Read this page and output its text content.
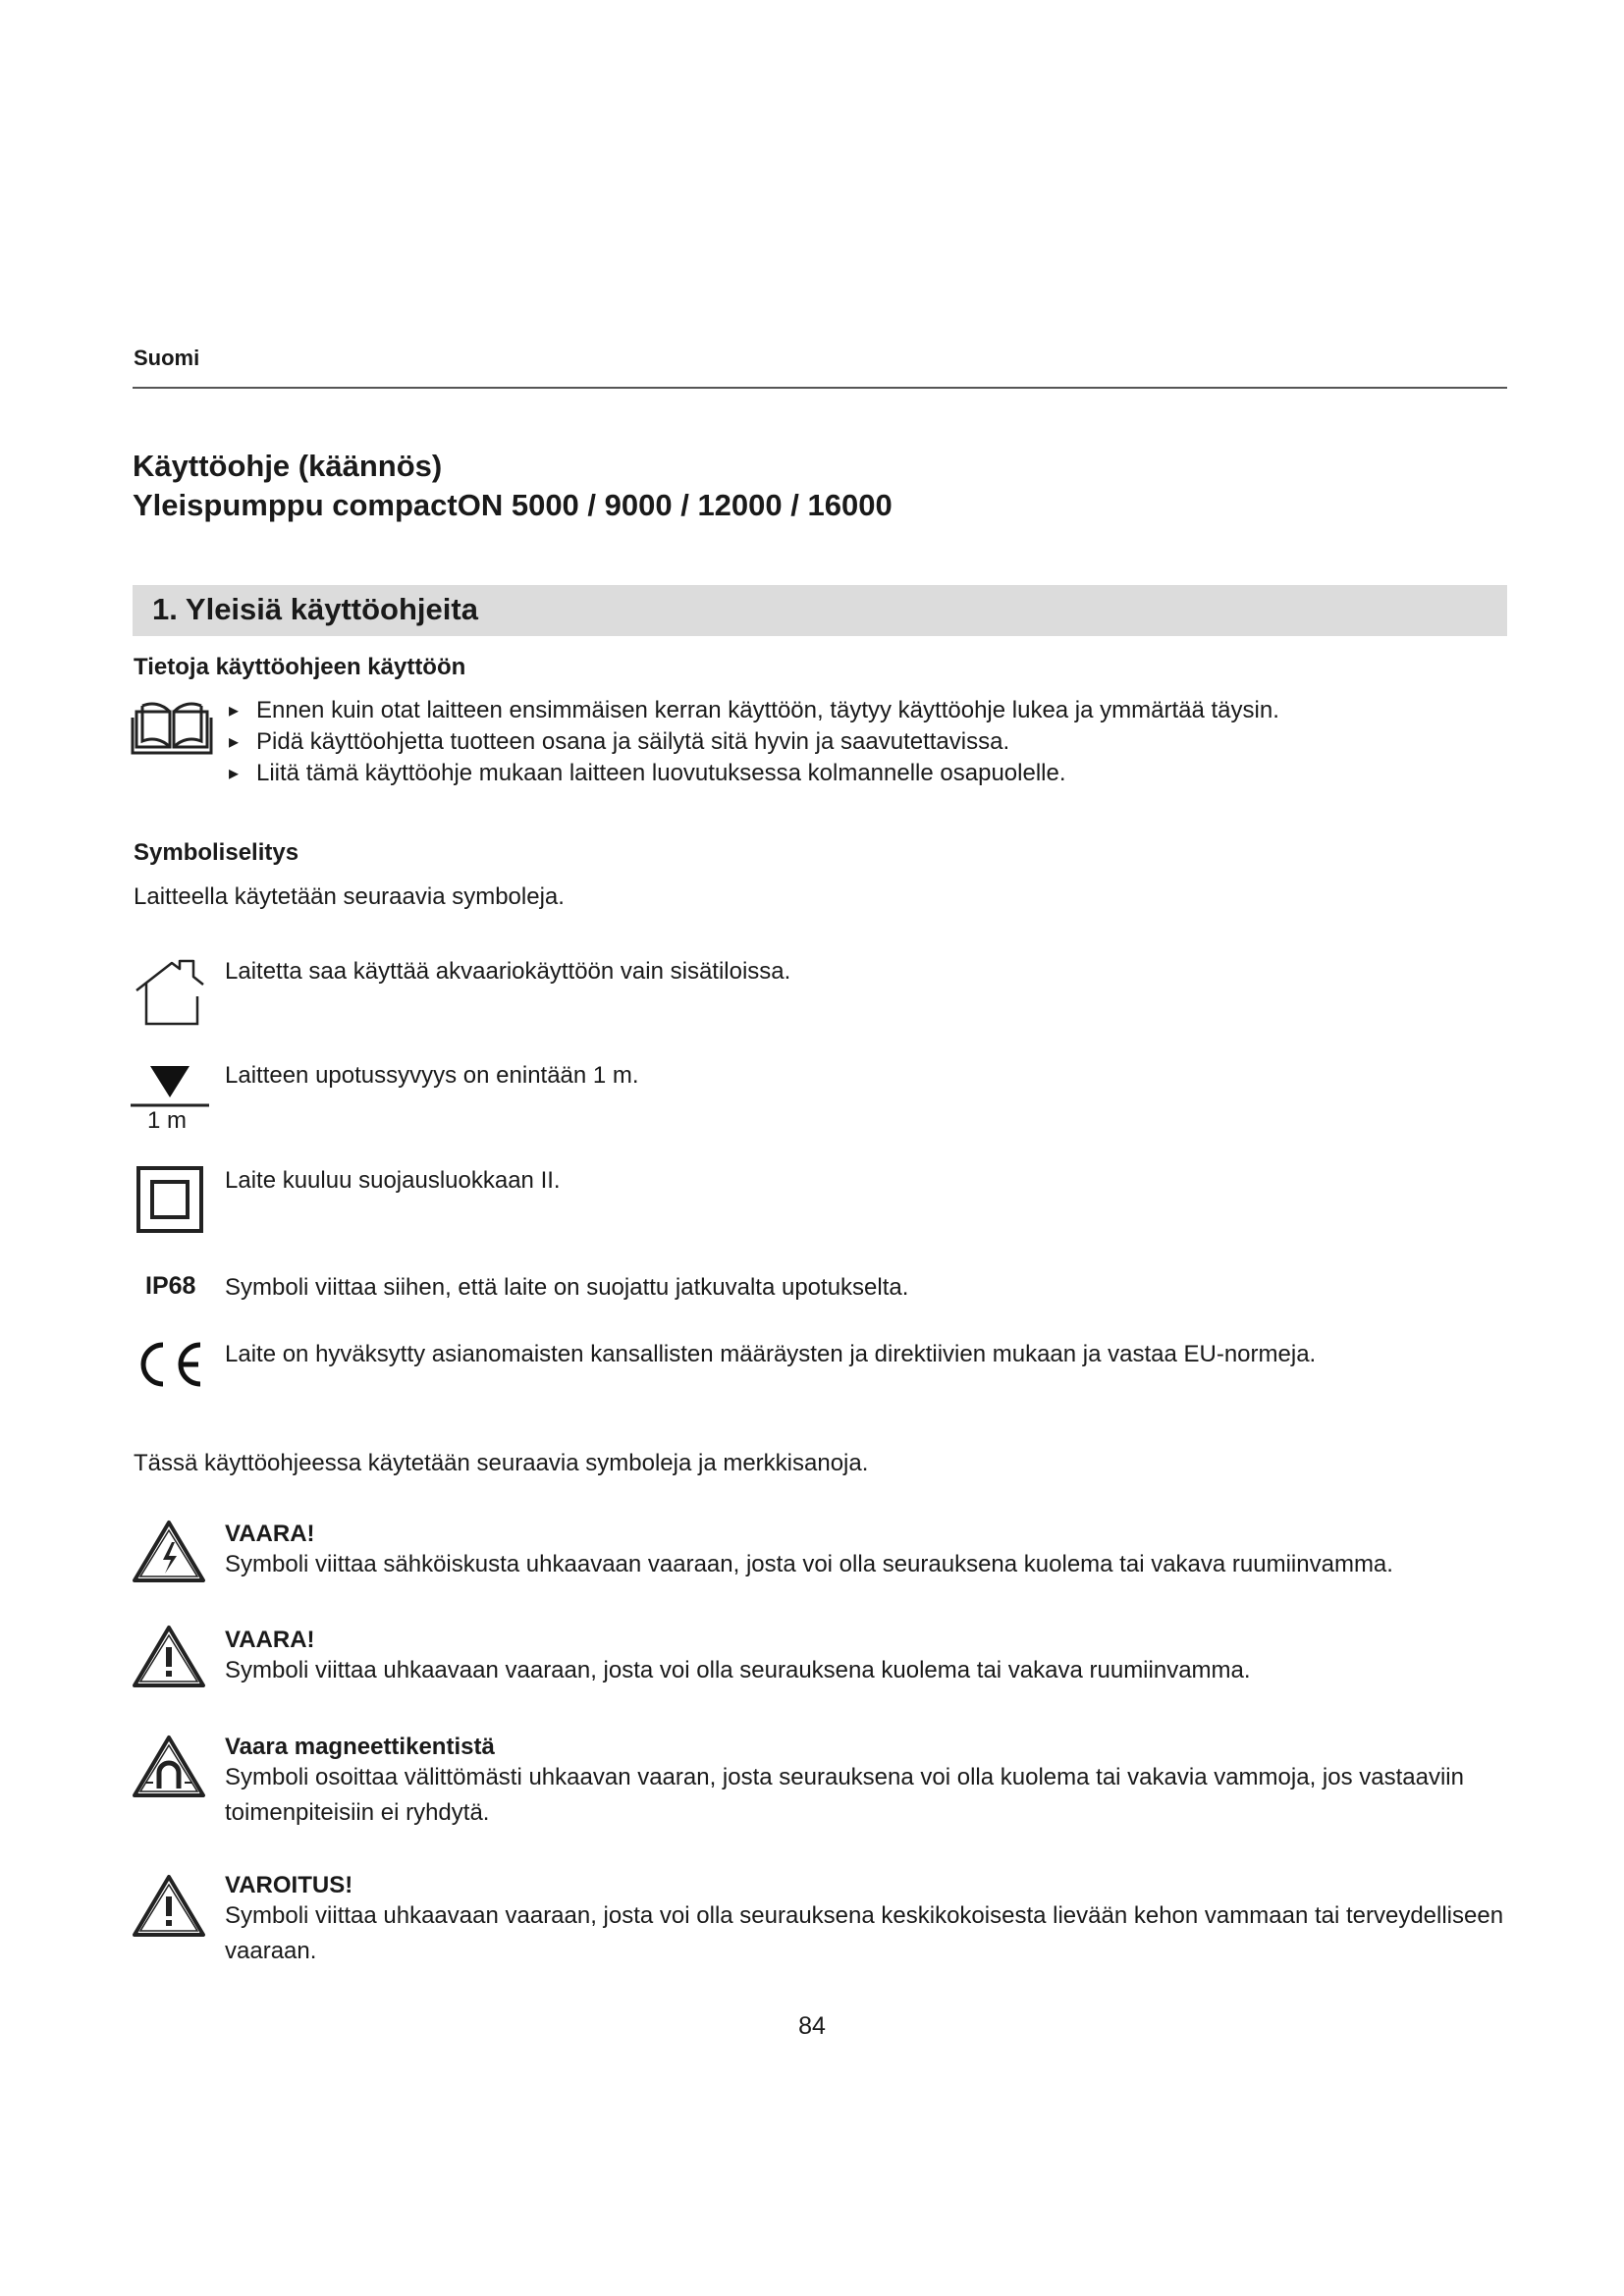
Suomi
Käyttöohje (käännös)
Yleispumppu compactON 5000 / 9000 / 12000 / 16000
1. Yleisiä käyttöohjeita
Tietoja käyttöohjeen käyttöön
▸ Ennen kuin otat laitteen ensimmäisen kerran käyttöön, täytyy käyttöohje lukea ja ymmärtää täysin.
▸ Pidä käyttöohjetta tuotteen osana ja säilytä sitä hyvin ja saavutettavissa.
▸ Liitä tämä käyttöohje mukaan laitteen luovutuksessa kolmannelle osapuolelle.
Symboliselitys
Laitteella käytetään seuraavia symboleja.
Laitetta saa käyttää akvaariokäyttöön vain sisätiloissa.
1 m
Laitteen upotussyvyys on enintään 1 m.
Laite kuuluu suojausluokkaan II.
IP68 Symboli viittaa siihen, että laite on suojattu jatkuvalta upotukselta.
Laite on hyväksytty asianomaisten kansallisten määräysten ja direktiivien mukaan ja vastaa EU-normeja.
Tässä käyttöohjeessa käytetään seuraavia symboleja ja merkkisanoja.
VAARA!
Symboli viittaa sähköiskusta uhkaavaan vaaraan, josta voi olla seurauksena kuolema tai vakava ruumiinvamma.
VAARA!
Symboli viittaa uhkaavaan vaaraan, josta voi olla seurauksena kuolema tai vakava ruumiinvamma.
Vaara magneettikentistä
Symboli osoittaa välittömästi uhkaavan vaaran, josta seurauksena voi olla kuolema tai vakavia vammoja, jos vastaaviin toimenpiteisiin ei ryhdytä.
VAROITUS!
Symboli viittaa uhkaavaan vaaraan, josta voi olla seurauksena keskikokoisesta lievään kehon vammaan tai terveydelliseen vaaraan.
84
